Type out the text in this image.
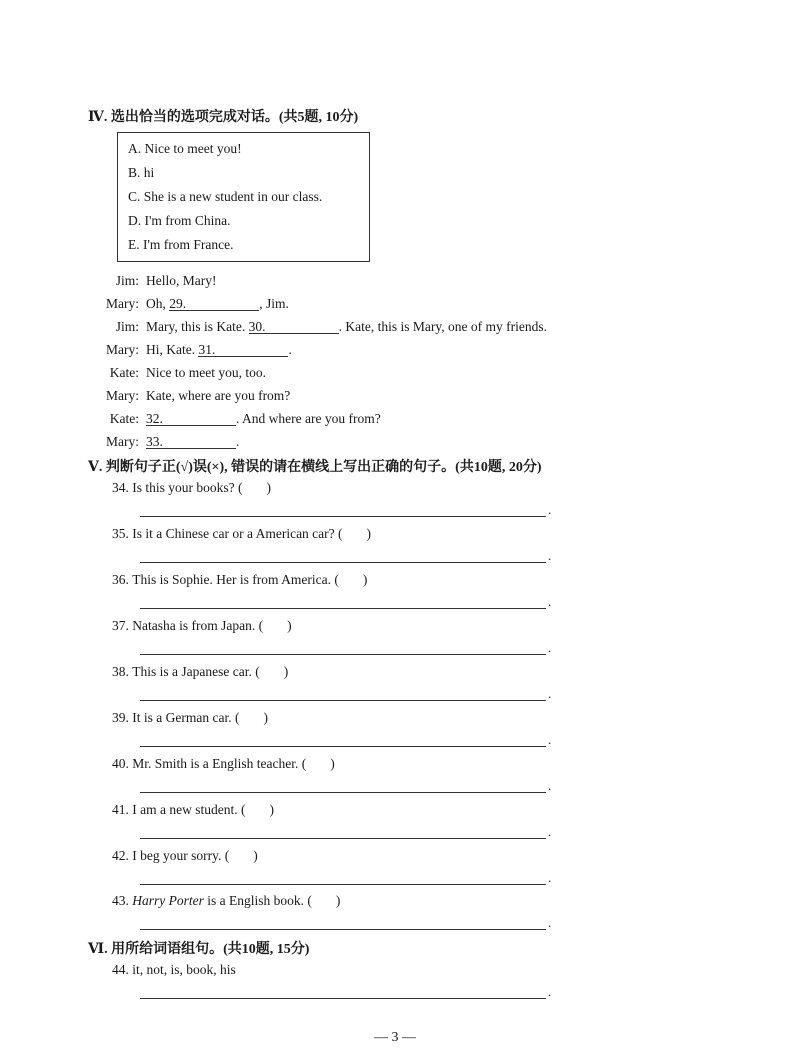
Ⅳ. 选出恰当的选项完成对话。(共5题, 10分)
A. Nice to meet you!
B. hi
C. She is a new student in our class.
D. I'm from China.
E. I'm from France.
Jim: Hello, Mary!
Mary: Oh, 29.	, Jim.
Jim: Mary, this is Kate. 30.	. Kate, this is Mary, one of my friends.
Mary: Hi, Kate. 31.	.
Kate: Nice to meet you, too.
Mary: Kate, where are you from?
Kate: 32.	. And where are you from?
Mary: 33.	.
Ⅴ. 判断句子正(√)误(×), 错误的请在横线上写出正确的句子。(共10题, 20分)
34. Is this your books? ( )
.
35. Is it a Chinese car or a American car? ( )
.
36. This is Sophie. Her is from America. ( )
.
37. Natasha is from Japan. ( )
.
38. This is a Japanese car. ( )
.
39. It is a German car. ( )
.
40. Mr. Smith is a English teacher. ( )
.
41. I am a new student. ( )
.
42. I beg your sorry. ( )
.
43. Harry Porter is a English book. ( )
.
Ⅵ. 用所给词语组句。(共10题, 15分)
44. it, not, is, book, his
.
— 3 —
